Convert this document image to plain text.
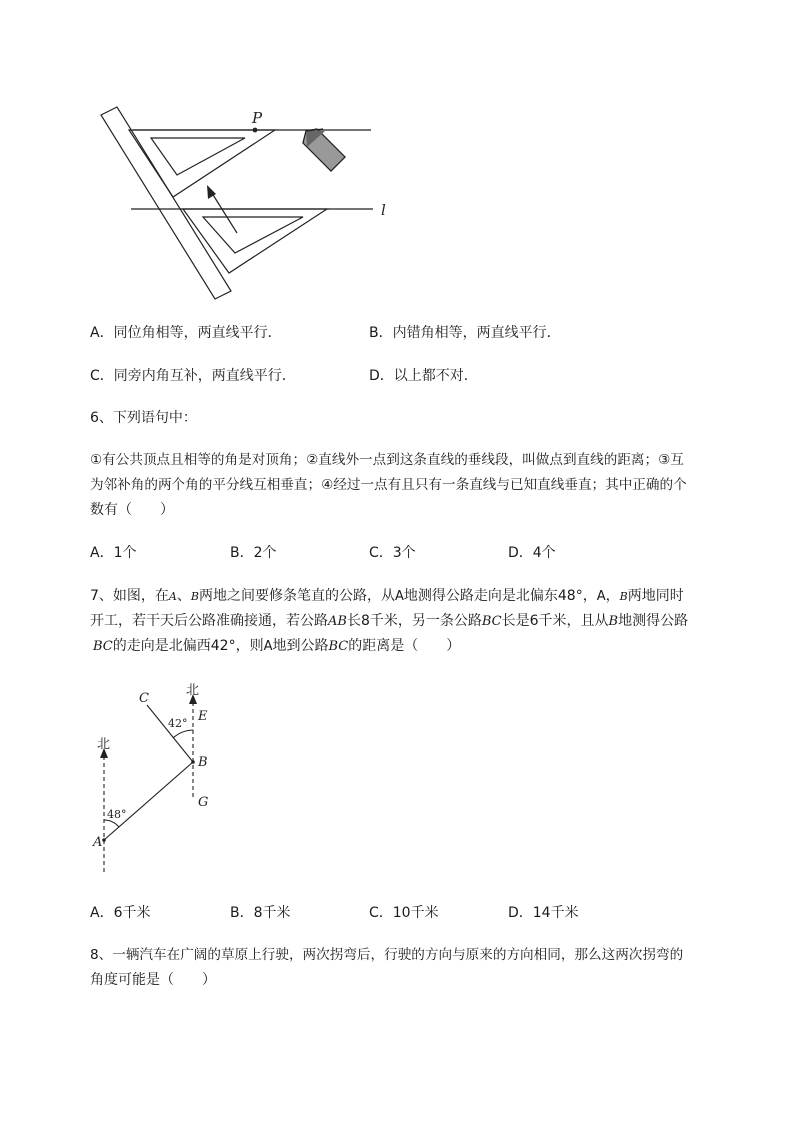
P
l
A．同位角相等，两直线平行．	B．内错角相等，两直线平行．
C．同旁内角互补，两直线平行．	D．以上都不对．
6、下列语句中：
①有公共顶点且相等的角是对顶角；②直线外一点到这条直线的垂线段，叫做点到直线的距离；③互
为邻补角的两个角的平分线互相垂直；④经过一点有且只有一条直线与已知直线垂直；其中正确的个
数有（　　）
A．1个	B．2个	C．3个	D．4个
7、如图，在A、B两地之间要修条笔直的公路，从A地测得公路走向是北偏东48°，A，B两地同时
开工，若干天后公路准确接通，若公路AB长8千米，另一条公路BC长是6千米，且从B地测得公路
BC的走向是北偏西42°，则A地到公路BC的距离是（　　）
北
北
C
E
B
G
A
42°
48°
A．6千米	B．8千米	C．10千米	D．14千米
8、一辆汽车在广阔的草原上行驶，两次拐弯后，行驶的方向与原来的方向相同，那么这两次拐弯的
角度可能是（　　）
